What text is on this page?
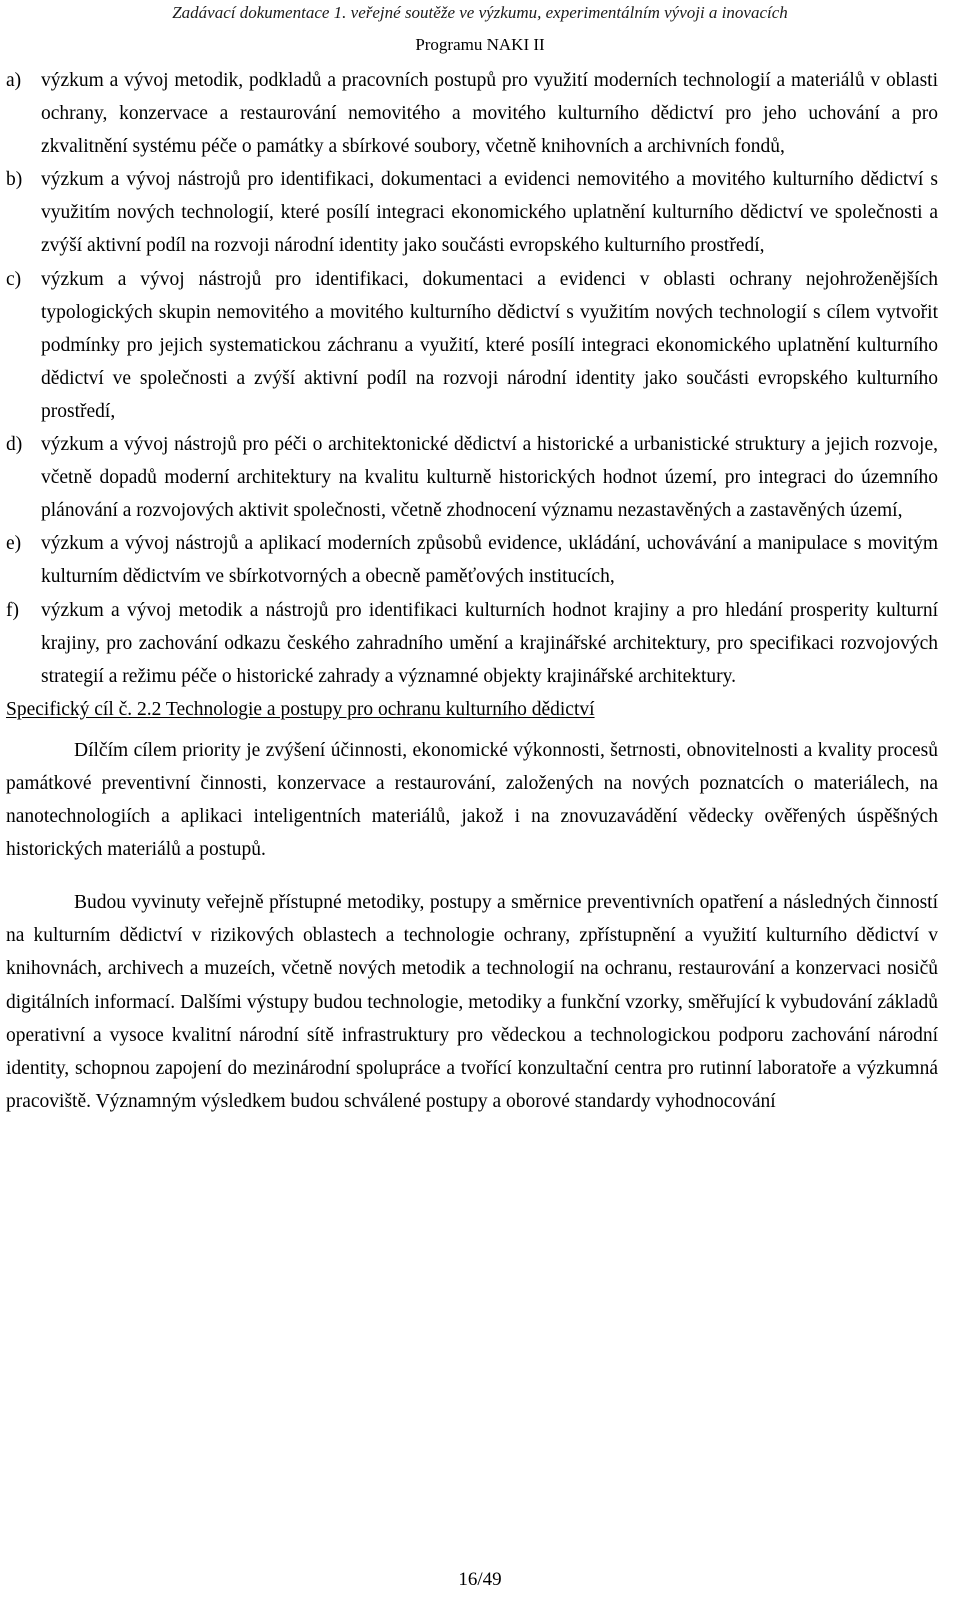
Zadávací dokumentace 1. veřejné soutěže ve výzkumu, experimentálním vývoji a inovacích
Programu NAKI II
a) výzkum a vývoj metodik, podkladů a pracovních postupů pro využití moderních technologií a materiálů v oblasti ochrany, konzervace a restaurování nemovitého a movitého kulturního dědictví pro jeho uchování a pro zkvalitnění systému péče o památky a sbírkové soubory, včetně knihovních a archivních fondů,
b) výzkum a vývoj nástrojů pro identifikaci, dokumentaci a evidenci nemovitého a movitého kulturního dědictví s využitím nových technologií, které posílí integraci ekonomického uplatnění kulturního dědictví ve společnosti a zvýší aktivní podíl na rozvoji národní identity jako součásti evropského kulturního prostředí,
c) výzkum a vývoj nástrojů pro identifikaci, dokumentaci a evidenci v oblasti ochrany nejohroženějších typologických skupin nemovitého a movitého kulturního dědictví s využitím nových technologií s cílem vytvořit podmínky pro jejich systematickou záchranu a využití, které posílí integraci ekonomického uplatnění kulturního dědictví ve společnosti a zvýší aktivní podíl na rozvoji národní identity jako součásti evropského kulturního prostředí,
d) výzkum a vývoj nástrojů pro péči o architektonické dědictví a historické a urbanistické struktury a jejich rozvoje, včetně dopadů moderní architektury na kvalitu kulturně historických hodnot území, pro integraci do územního plánování a rozvojových aktivit společnosti, včetně zhodnocení významu nezastavěných a zastavěných území,
e) výzkum a vývoj nástrojů a aplikací moderních způsobů evidence, ukládání, uchovávání a manipulace s movitým kulturním dědictvím ve sbírkotvorných a obecně paměťových institucích,
f) výzkum a vývoj metodik a nástrojů pro identifikaci kulturních hodnot krajiny a pro hledání prosperity kulturní krajiny, pro zachování odkazu českého zahradního umění a krajinářské architektury, pro specifikaci rozvojových strategií a režimu péče o historické zahrady a významné objekty krajinářské architektury.
Specifický cíl č. 2.2 Technologie a postupy pro ochranu kulturního dědictví
Dílčím cílem priority je zvýšení účinnosti, ekonomické výkonnosti, šetrnosti, obnovitelnosti a kvality procesů památkové preventivní činnosti, konzervace a restaurování, založených na nových poznatcích o materiálech, na nanotechnologiích a aplikaci inteligentních materiálů, jakož i na znovuzavádění vědecky ověřených úspěšných historických materiálů a postupů.
Budou vyvinuty veřejně přístupné metodiky, postupy a směrnice preventivních opatření a následných činností na kulturním dědictví v rizikových oblastech a technologie ochrany, zpřístupnění a využití kulturního dědictví v knihovnách, archivech a muzeích, včetně nových metodik a technologií na ochranu, restaurování a konzervaci nosičů digitálních informací. Dalšími výstupy budou technologie, metodiky a funkční vzorky, směřující k vybudování základů operativní a vysoce kvalitní národní sítě infrastruktury pro vědeckou a technologickou podporu zachování národní identity, schopnou zapojení do mezinárodní spolupráce a tvořící konzultační centra pro rutinní laboratoře a výzkumná pracoviště. Významným výsledkem budou schválené postupy a oborové standardy vyhodnocování
16/49
